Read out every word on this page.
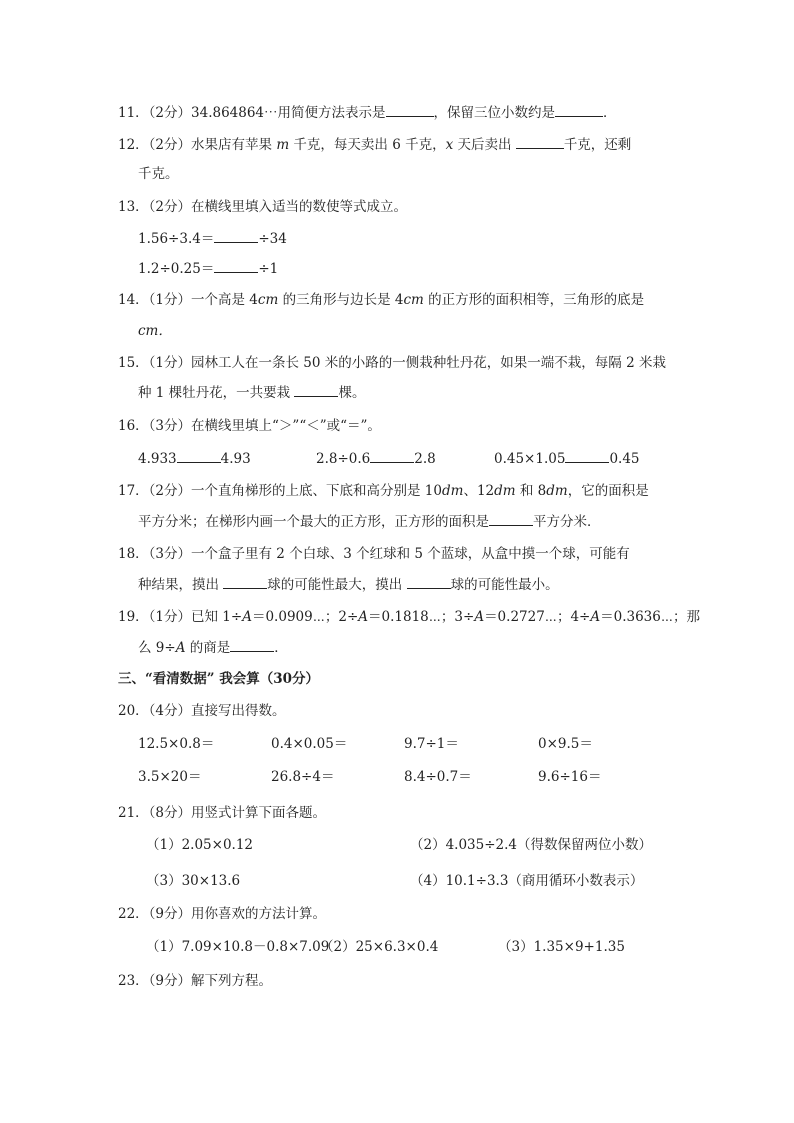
11．（2分）34.864864⋯用简便方法表示是	，保留三位小数约是	．
12．（2分）水果店有苹果 m 千克，每天卖出 6 千克，x 天后卖出	千克，还剩
千克。
13．（2分）在横线里填入适当的数使等式成立。
1.56÷3.4＝	÷34
1.2÷0.25＝	÷1
14．（1分）一个高是 4cm 的三角形与边长是 4cm 的正方形的面积相等，三角形的底是
cm．
15．（1分）园林工人在一条长 50 米的小路的一侧栽种牡丹花，如果一端不栽，每隔 2 米栽
种 1 棵牡丹花，一共要栽	棵。
16．（3分）在横线里填上“＞”“＜”或“＝”。
4.933	4.93	2.8÷0.6	2.8	0.45×1.05	0.45
17．（2分）一个直角梯形的上底、下底和高分别是 10dm、12dm 和 8dm，它的面积是
平方分米；在梯形内画一个最大的正方形，正方形的面积是	平方分米．
18．（3分）一个盒子里有 2 个白球、3 个红球和 5 个蓝球，从盒中摸一个球，可能有
种结果，摸出	球的可能性最大，摸出	球的可能性最小。
19．（1分）已知 1÷A＝0.0909⋯；2÷A＝0.1818⋯；3÷A＝0.2727⋯；4÷A＝0.3636⋯；那
么 9÷A 的商是	．
三、“看清数据” 我会算（30分）
20．（4分）直接写出得数。
12.5×0.8＝	0.4×0.05＝	9.7÷1＝	0×9.5＝
3.5×20＝	26.8÷4＝	8.4÷0.7＝	9.6÷16＝
21．（8分）用竖式计算下面各题。
（1）2.05×0.12	（2）4.035÷2.4（得数保留两位小数）
（3）30×13.6	（4）10.1÷3.3（商用循环小数表示）
22．（9分）用你喜欢的方法计算。
（1）7.09×10.8－0.8×7.09
（2）25×6.3×0.4	（3）1.35×9+1.35
23．（9分）解下列方程。
